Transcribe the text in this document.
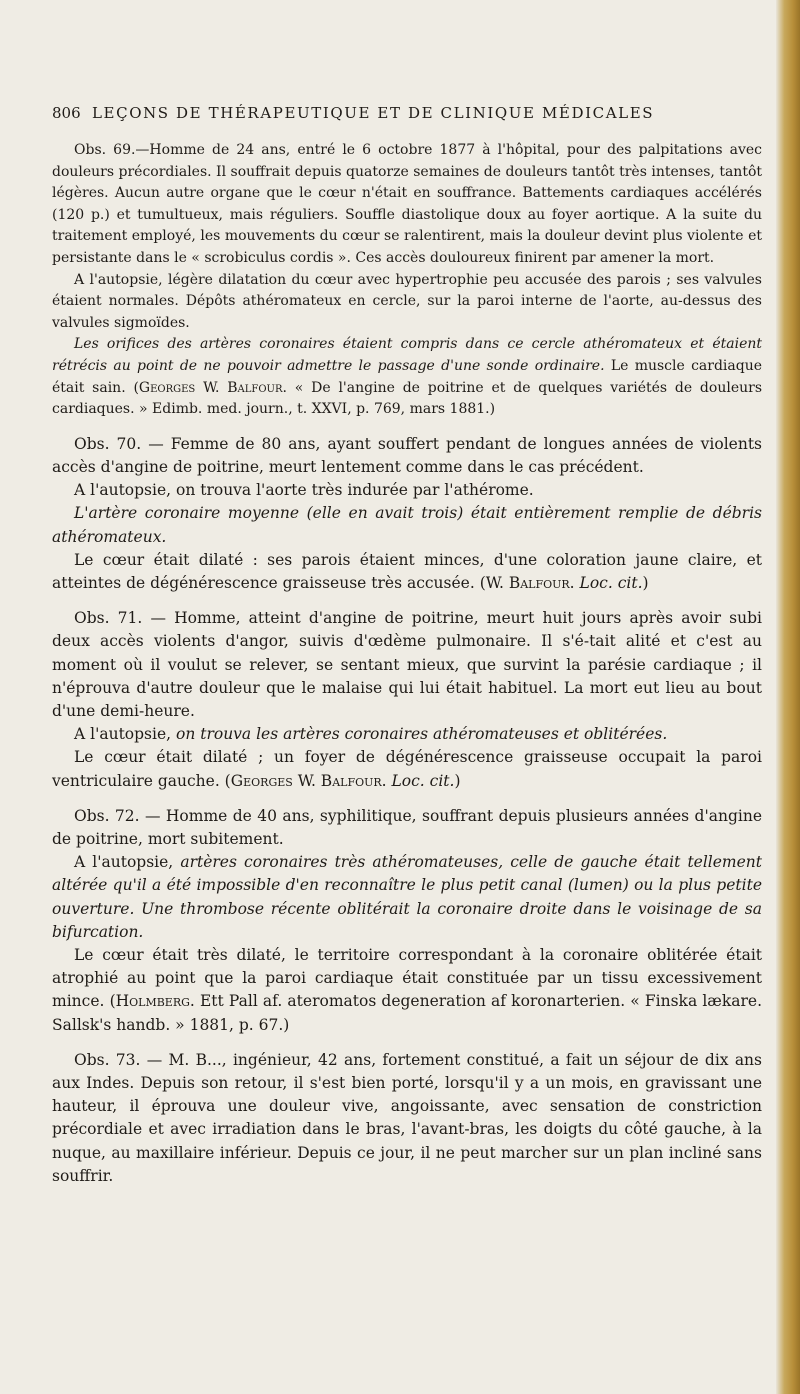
806 LEÇONS DE THÉRAPEUTIQUE ET DE CLINIQUE MÉDICALES

Obs. 69.—Homme de 24 ans, entré le 6 octobre 1877 à l'hôpital, pour des palpitations avec douleurs précordiales. Il souffrait depuis quatorze semaines de douleurs tantôt très intenses, tantôt légères. Aucun autre organe que le cœur n'était en souffrance. Battements cardiaques accélérés (120 p.) et tumultueux, mais réguliers. Souffle diastolique doux au foyer aortique. A la suite du traitement employé, les mouvements du cœur se ralentirent, mais la douleur devint plus violente et persistante dans le « scrobiculus cordis ». Ces accès douloureux finirent par amener la mort.

A l'autopsie, légère dilatation du cœur avec hypertrophie peu accusée des parois ; ses valvules étaient normales. Dépôts athéromateux en cercle, sur la paroi interne de l'aorte, au-dessus des valvules sigmoïdes.

Les orifices des artères coronaires étaient compris dans ce cercle athéromateux et étaient rétrécis au point de ne pouvoir admettre le passage d'une sonde ordinaire. Le muscle cardiaque était sain. (Georges W. Balfour. « De l'angine de poitrine et de quelques variétés de douleurs cardiaques. » Edimb. med. journ., t. XXVI, p. 769, mars 1881.)

Obs. 70. — Femme de 80 ans, ayant souffert pendant de longues années de violents accès d'angine de poitrine, meurt lentement comme dans le cas précédent.

A l'autopsie, on trouva l'aorte très indurée par l'athérome.

L'artère coronaire moyenne (elle en avait trois) était entièrement remplie de débris athéromateux.

Le cœur était dilaté : ses parois étaient minces, d'une coloration jaune claire, et atteintes de dégénérescence graisseuse très accusée. (W. Balfour. Loc. cit.)

Obs. 71. — Homme, atteint d'angine de poitrine, meurt huit jours après avoir subi deux accès violents d'angor, suivis d'œdème pulmonaire. Il s'é-tait alité et c'est au moment où il voulut se relever, se sentant mieux, que survint la parésie cardiaque ; il n'éprouva d'autre douleur que le malaise qui lui était habituel. La mort eut lieu au bout d'une demi-heure.

A l'autopsie, on trouva les artères coronaires athéromateuses et oblitérées.

Le cœur était dilaté ; un foyer de dégénérescence graisseuse occupait la paroi ventriculaire gauche. (Georges W. Balfour. Loc. cit.)

Obs. 72. — Homme de 40 ans, syphilitique, souffrant depuis plusieurs années d'angine de poitrine, mort subitement.

A l'autopsie, artères coronaires très athéromateuses, celle de gauche était tellement altérée qu'il a été impossible d'en reconnaître le plus petit canal (lumen) ou la plus petite ouverture. Une thrombose récente oblitérait la coronaire droite dans le voisinage de sa bifurcation.

Le cœur était très dilaté, le territoire correspondant à la coronaire oblitérée était atrophié au point que la paroi cardiaque était constituée par un tissu excessivement mince. (Holmberg. Ett Pall af. ateromatos degeneration af koronarterien. « Finska lækare. Sallsk's handb. » 1881, p. 67.)

Obs. 73. — M. B..., ingénieur, 42 ans, fortement constitué, a fait un séjour de dix ans aux Indes. Depuis son retour, il s'est bien porté, lorsqu'il y a un mois, en gravissant une hauteur, il éprouva une douleur vive, angoissante, avec sensation de constriction précordiale et avec irradiation dans le bras, l'avant-bras, les doigts du côté gauche, à la nuque, au maxillaire inférieur. Depuis ce jour, il ne peut marcher sur un plan incliné sans souffrir.
